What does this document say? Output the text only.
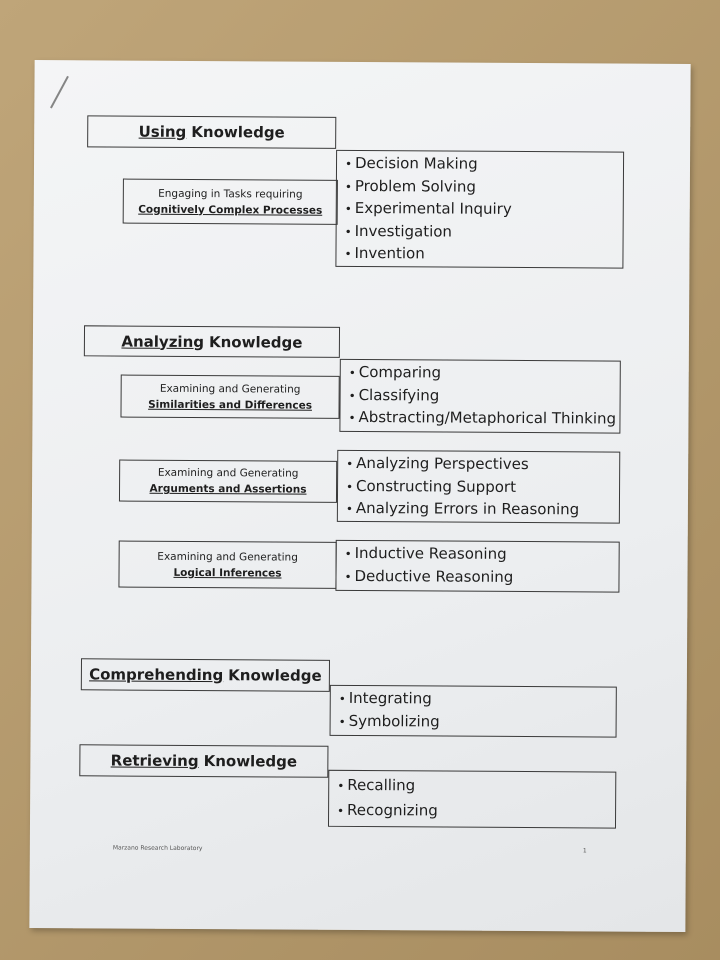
Using Knowledge
Engaging in Tasks requiring
Cognitively Complex Processes
• Decision Making
• Problem Solving
• Experimental Inquiry
• Investigation
• Invention
Analyzing Knowledge
Examining and Generating
Similarities and Differences
• Comparing
• Classifying
• Abstracting/Metaphorical Thinking
Examining and Generating
Arguments and Assertions
• Analyzing Perspectives
• Constructing Support
• Analyzing Errors in Reasoning
Examining and Generating
Logical Inferences
• Inductive Reasoning
• Deductive Reasoning
Comprehending Knowledge
• Integrating
• Symbolizing
Retrieving Knowledge
• Recalling
• Recognizing
Marzano Research Laboratory	1
